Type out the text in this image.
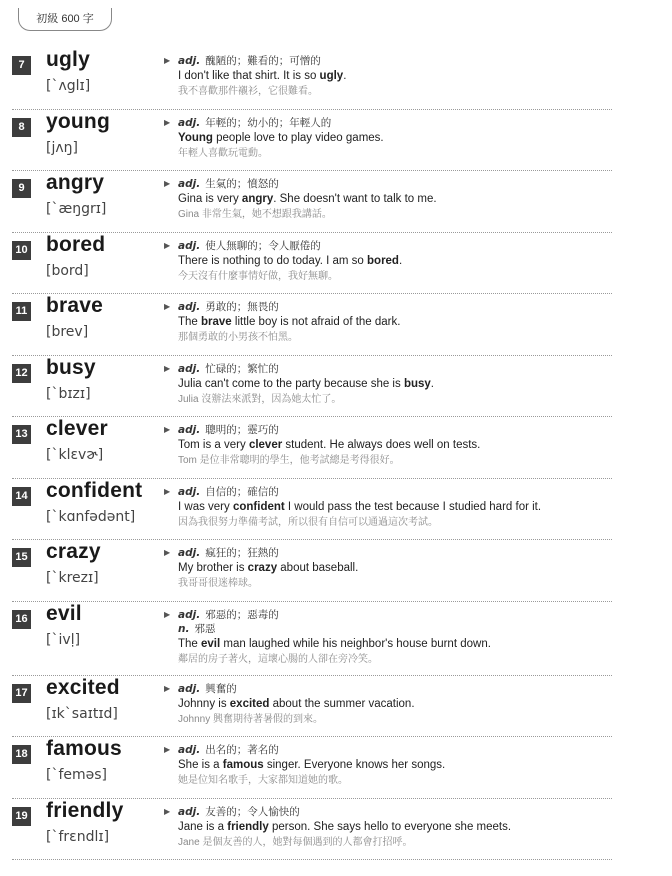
初級 600 字
7	ugly
[ˋʌglɪ]
▶ adj. 醜陋的；難看的；可憎的
I don't like that shirt. It is so ugly.
我不喜歡那件襯衫，它很難看。
8	young
[jʌŋ]
▶ adj. 年輕的；幼小的；年輕人的
Young people love to play video games.
年輕人喜歡玩電動。
9	angry
[ˋæŋgrɪ]
▶ adj. 生氣的；憤怒的
Gina is very angry. She doesn't want to talk to me.
Gina 非常生氣，她不想跟我講話。
10 bored
[bord]
▶ adj. 使人無聊的；令人厭倦的
There is nothing to do today. I am so bored.
今天沒有什麼事情好做，我好無聊。
11 brave
[brev]
▶ adj. 勇敢的；無畏的
The brave little boy is not afraid of the dark.
那個勇敢的小男孩不怕黑。
12 busy
[ˋbɪzɪ]
▶ adj. 忙碌的；繁忙的
Julia can't come to the party because she is busy.
Julia 沒辦法來派對，因為她太忙了。
13 clever
[ˋklɛvɚ]
▶ adj. 聰明的；靈巧的
Tom is a very clever student. He always does well on tests.
Tom 是位非常聰明的學生，他考試總是考得很好。
14 confident
[ˋkɑnfədənt]
▶ adj. 自信的；確信的
I was very confident I would pass the test because I studied hard for it.
因為我很努力準備考試，所以很有自信可以通過這次考試。
15 crazy
[ˋkrezɪ]
▶ adj. 瘋狂的；狂熱的
My brother is crazy about baseball.
我哥哥很迷棒球。
16 evil
[ˋivḷ]
▶ adj. 邪惡的；惡毒的
n. 邪惡
The evil man laughed while his neighbor's house burnt down.
鄰居的房子著火，這壞心腸的人卻在旁冷笑。
17 excited
[ɪkˋsaɪtɪd]
▶ adj. 興奮的
Johnny is excited about the summer vacation.
Johnny 興奮期待著暑假的到來。
18 famous
[ˋfeməs]
▶ adj. 出名的；著名的
She is a famous singer. Everyone knows her songs.
她是位知名歌手，大家都知道她的歌。
19 friendly
[ˋfrɛndlɪ]
▶ adj. 友善的；令人愉快的
Jane is a friendly person. She says hello to everyone she meets.
Jane 是個友善的人，她對每個遇到的人都會打招呼。
